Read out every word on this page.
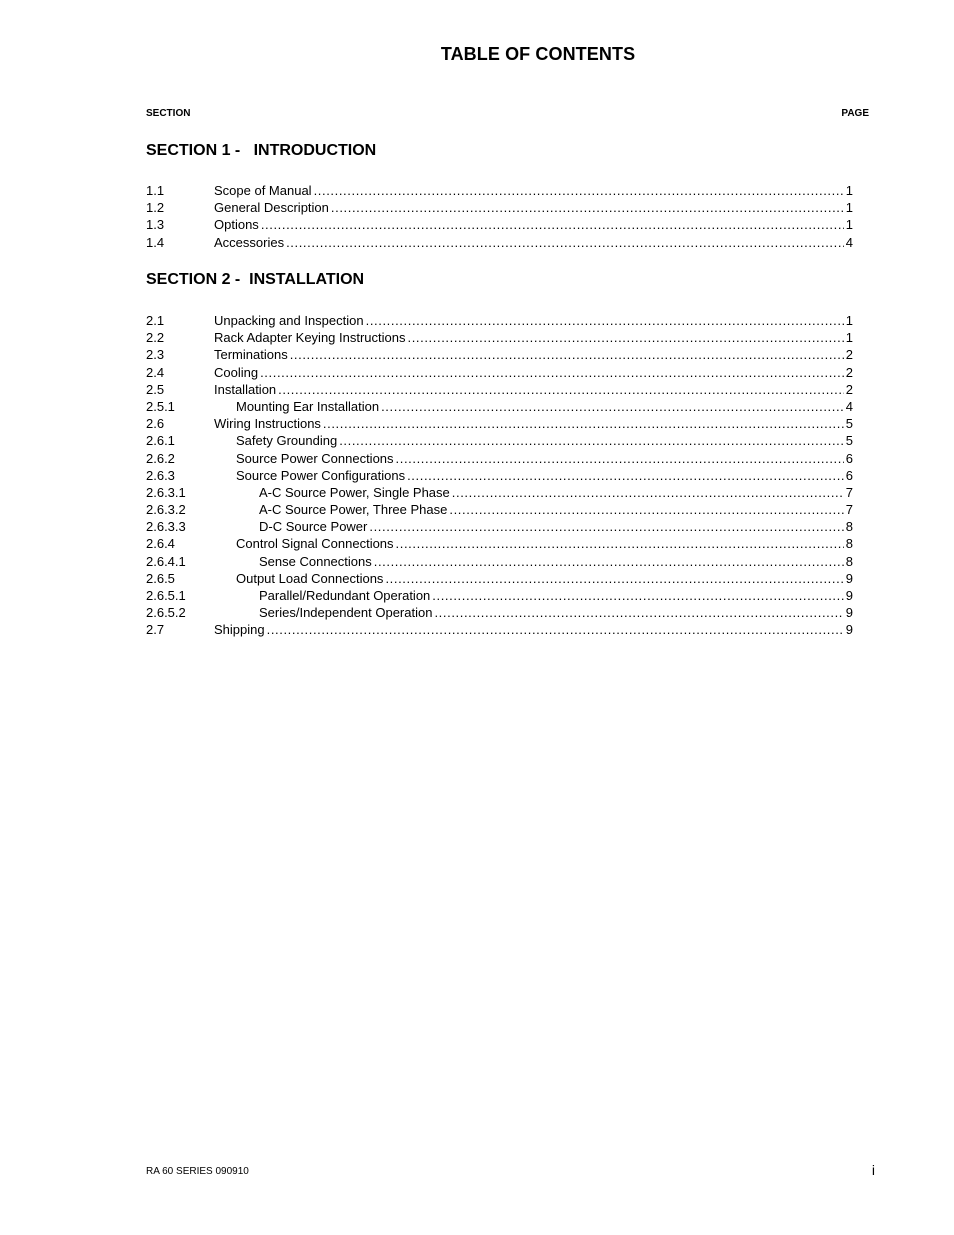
TABLE OF CONTENTS
SECTION	PAGE
SECTION 1 -   INTRODUCTION
1.1	Scope of Manual .....	1
1.2	General Description .....	1
1.3	Options .....	1
1.4	Accessories .....	4
SECTION 2 -  INSTALLATION
2.1	Unpacking and Inspection .....	1
2.2	Rack Adapter Keying Instructions .....	1
2.3	Terminations .....	2
2.4	Cooling .....	2
2.5	Installation .....	2
2.5.1	Mounting Ear Installation .....	4
2.6	Wiring Instructions .....	5
2.6.1	Safety Grounding .....	5
2.6.2	Source Power Connections .....	6
2.6.3	Source Power Configurations .....	6
2.6.3.1	A-C Source Power, Single Phase .....	7
2.6.3.2	A-C Source Power, Three Phase .....	7
2.6.3.3	D-C Source Power .....	8
2.6.4	Control Signal Connections .....	8
2.6.4.1	Sense Connections .....	8
2.6.5	Output Load Connections .....	9
2.6.5.1	Parallel/Redundant Operation .....	9
2.6.5.2	Series/Independent Operation .....	9
2.7	Shipping .....	9
RA 60 SERIES 090910	i
